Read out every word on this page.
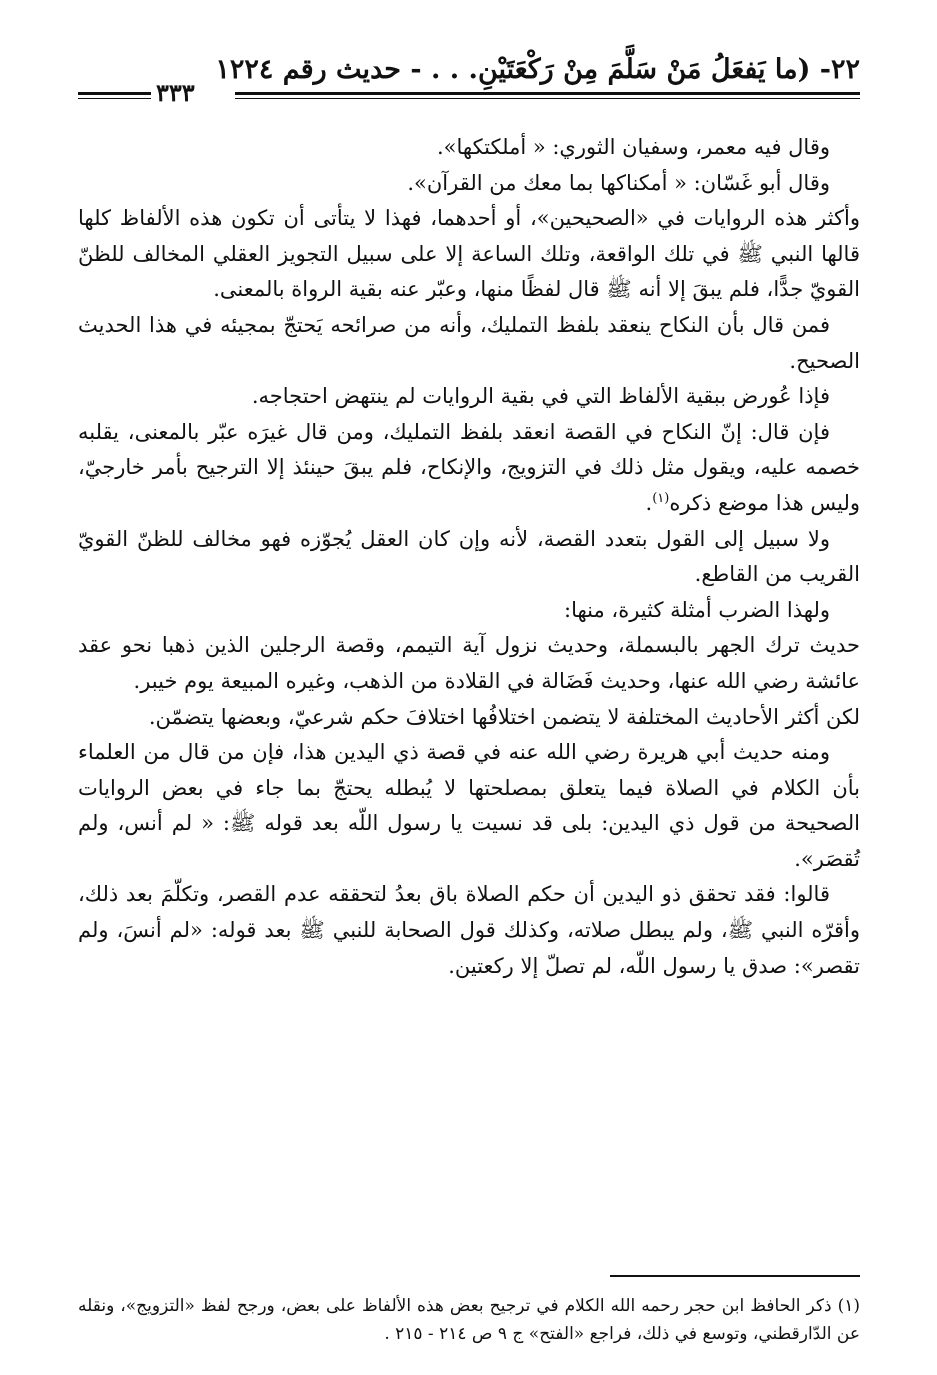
٢٢- (ما يَفعَلُ مَنْ سَلَّمَ مِنْ رَكْعَتَيْنِ. . . - حديث رقم ١٢٢٤
٣٣٣

وقال فيه معمر، وسفيان الثوري: « أملكتكها».

وقال أبو غَسّان: « أمكناكها بما معك من القرآن».

وأكثر هذه الروايات في «الصحيحين»، أو أحدهما، فهذا لا يتأتى أن تكون هذه الألفاظ كلها قالها النبي ﷺ في تلك الواقعة، وتلك الساعة إلا على سبيل التجويز العقلي المخالف للظنّ القويّ جدًّا، فلم يبقَ إلا أنه ﷺ قال لفظًا منها، وعبّر عنه بقية الرواة بالمعنى.

فمن قال بأن النكاح ينعقد بلفظ التمليك، وأنه من صرائحه يَحتجّ بمجيئه في هذا الحديث الصحيح.

فإذا عُورض ببقية الألفاظ التي في بقية الروايات لم ينتهض احتجاجه.

فإن قال: إنّ النكاح في القصة انعقد بلفظ التمليك، ومن قال غيرَه عبّر بالمعنى، يقلبه خصمه عليه، ويقول مثل ذلك في التزويج، والإنكاح، فلم يبقَ حينئذ إلا الترجيح بأمر خارجيّ، وليس هذا موضع ذكره$^{(١)}$.

ولا سبيل إلى القول بتعدد القصة، لأنه وإن كان العقل يُجوّزه فهو مخالف للظنّ القويّ القريب من القاطع.

ولهذا الضرب أمثلة كثيرة، منها:

حديث ترك الجهر بالبسملة، وحديث نزول آية التيمم، وقصة الرجلين الذين ذهبا نحو عقد عائشة رضي الله عنها، وحديث فَضَالة في القلادة من الذهب، وغيره المبيعة يوم خيبر.

لكن أكثر الأحاديث المختلفة لا يتضمن اختلافُها اختلافَ حكم شرعيّ، وبعضها يتضمّن.

ومنه حديث أبي هريرة رضي الله عنه في قصة ذي اليدين هذا، فإن من قال من العلماء بأن الكلام في الصلاة فيما يتعلق بمصلحتها لا يُبطله يحتجّ بما جاء في بعض الروايات الصحيحة من قول ذي اليدين: بلى قد نسيت يا رسول اللّه بعد قوله ﷺ: « لم أنس، ولم تُقصَر».

قالوا: فقد تحقق ذو اليدين أن حكم الصلاة باق بعدُ لتحققه عدم القصر، وتكلّمَ بعد ذلك، وأقرّه النبي ﷺ، ولم يبطل صلاته، وكذلك قول الصحابة للنبي ﷺ بعد قوله: «لم أنسَ، ولم تقصر»: صدق يا رسول اللّه، لم تصلّ إلا ركعتين.

(١) ذكر الحافظ ابن حجر رحمه الله الكلام في ترجيح بعض هذه الألفاظ على بعض، ورجح لفظ «التزويج»، ونقله عن الدّارقطني، وتوسع في ذلك، فراجع «الفتح» ج ٩ ص ٢١٤ - ٢١٥ .
